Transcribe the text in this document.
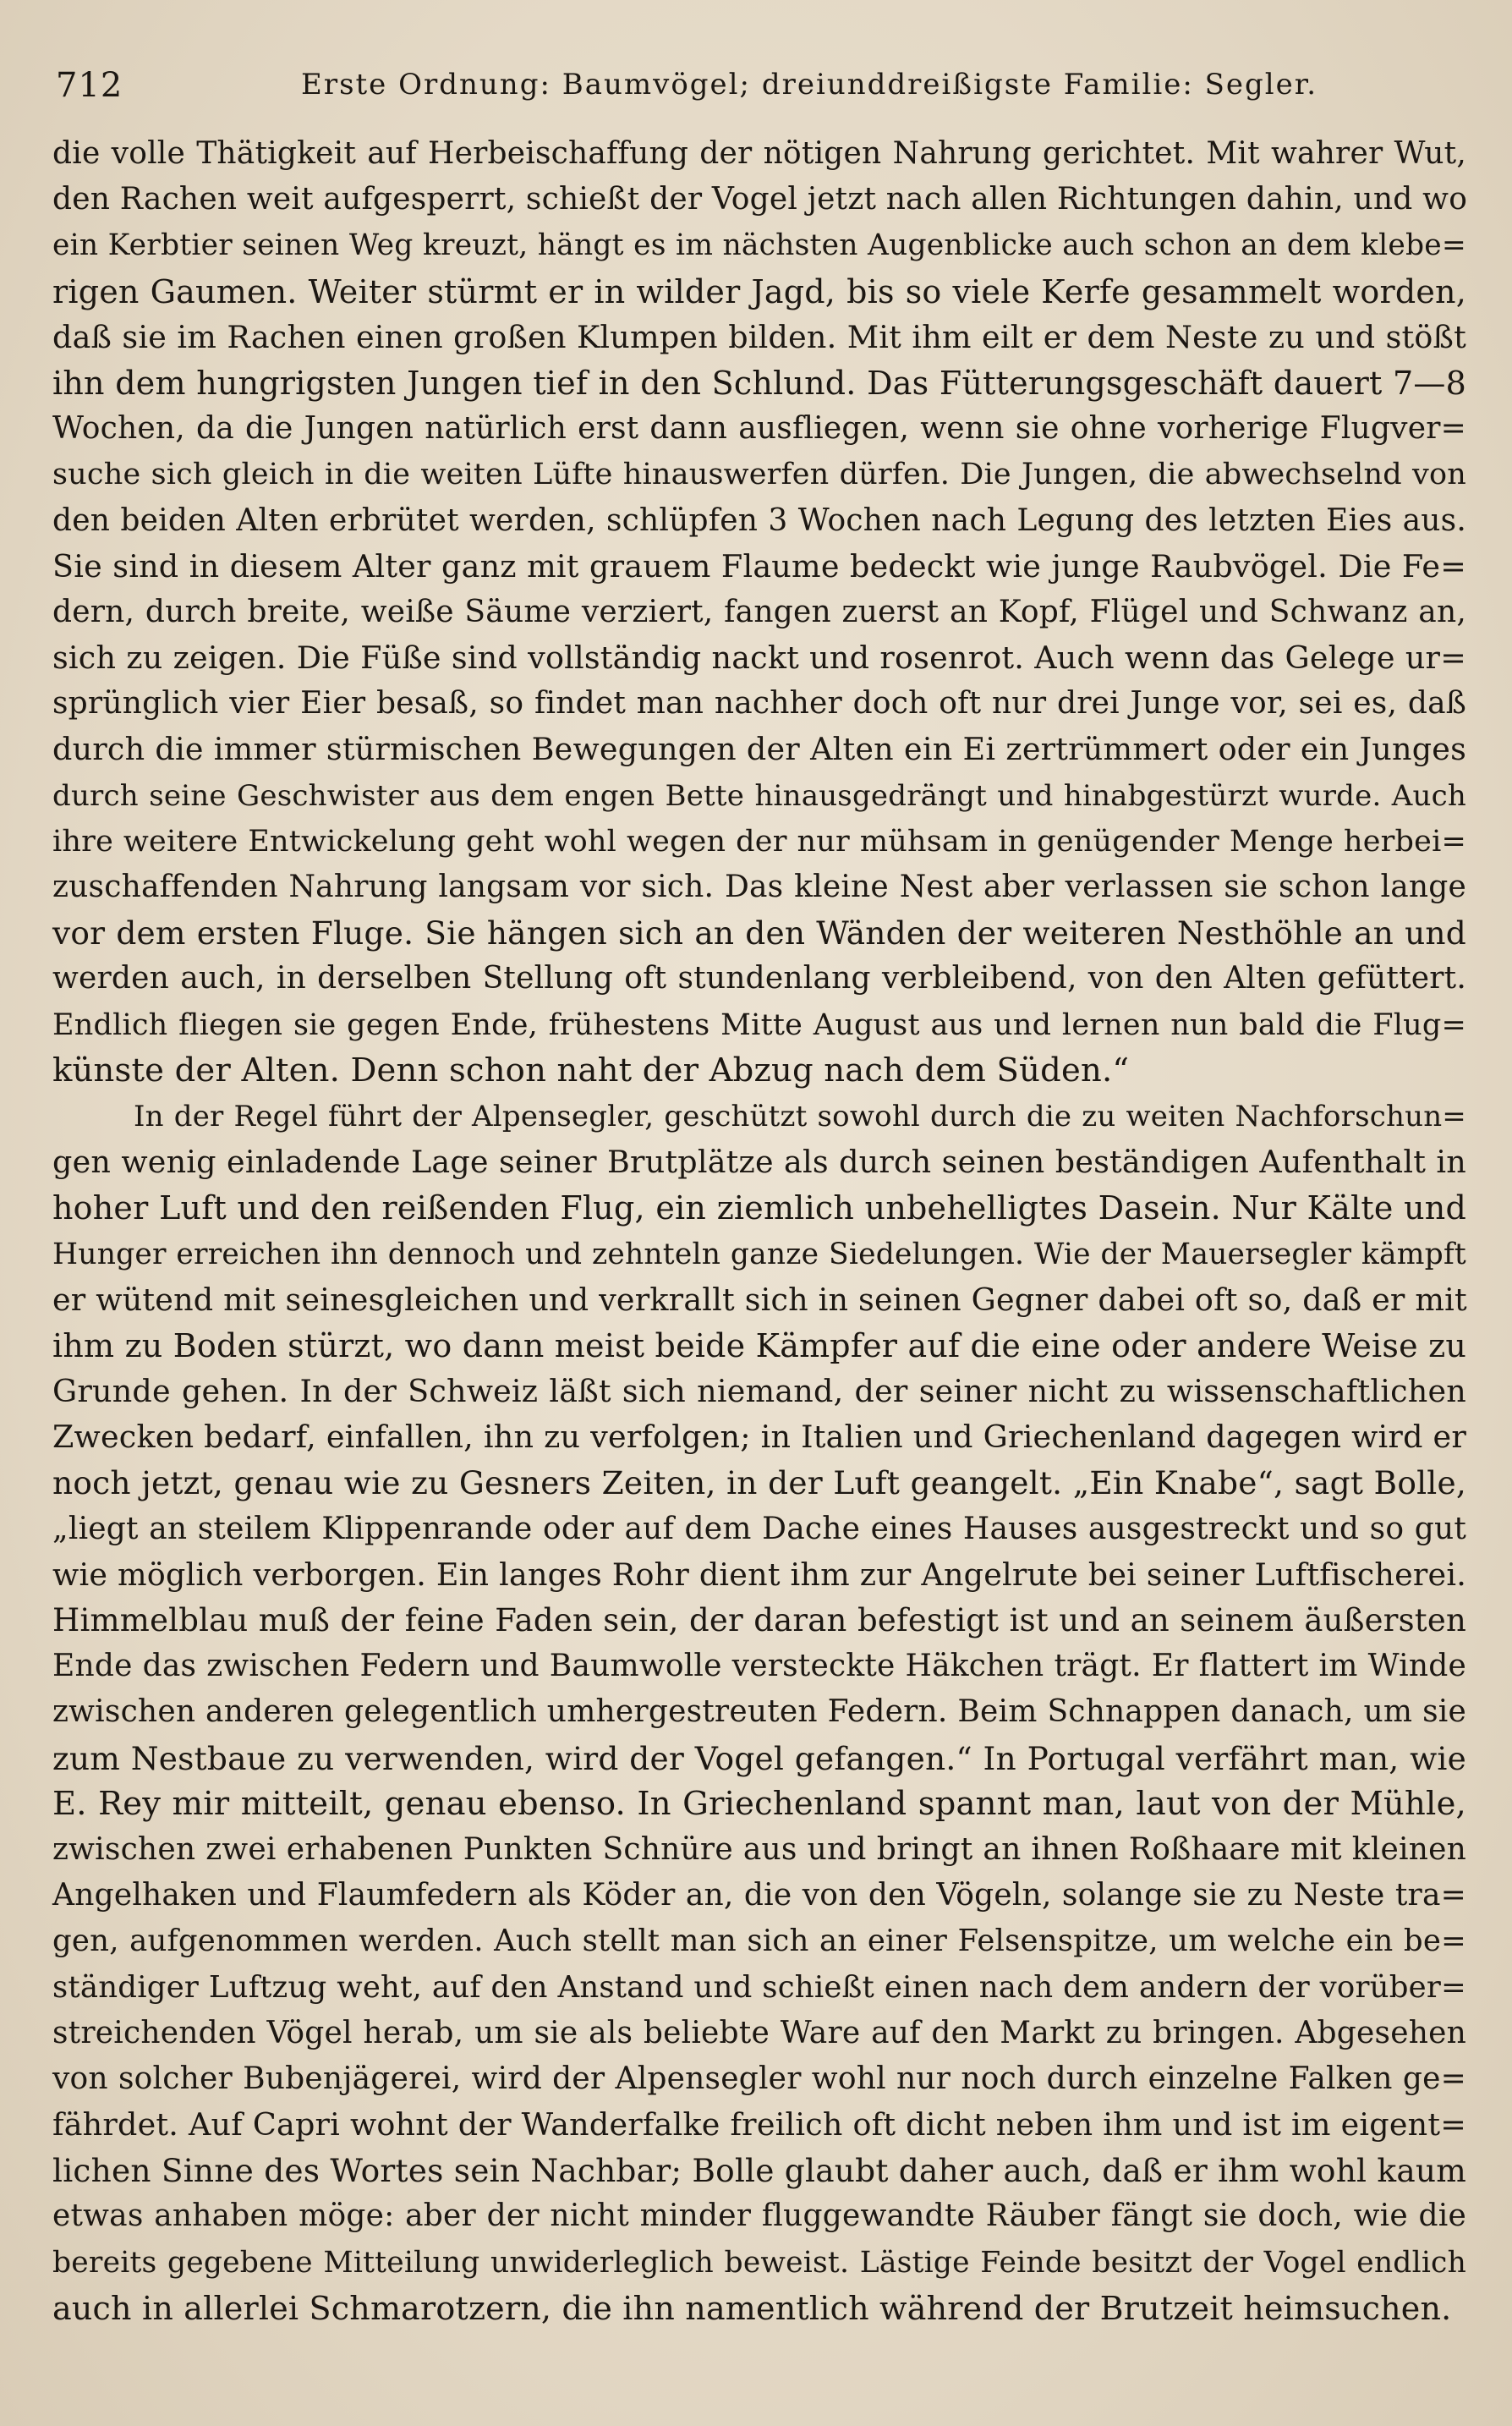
712	Erste Ordnung: Baumvögel; dreiunddreißigste Familie: Segler.
die volle Thätigkeit auf Herbeischaffung der nötigen Nahrung gerichtet. Mit wahrer Wut,
den Rachen weit aufgesperrt, schießt der Vogel jetzt nach allen Richtungen dahin, und wo
ein Kerbtier seinen Weg kreuzt, hängt es im nächsten Augenblicke auch schon an dem klebe=
rigen Gaumen. Weiter stürmt er in wilder Jagd, bis so viele Kerfe gesammelt worden,
daß sie im Rachen einen großen Klumpen bilden. Mit ihm eilt er dem Neste zu und stößt
ihn dem hungrigsten Jungen tief in den Schlund. Das Fütterungsgeschäft dauert 7—8
Wochen, da die Jungen natürlich erst dann ausfliegen, wenn sie ohne vorherige Flugver=
suche sich gleich in die weiten Lüfte hinauswerfen dürfen. Die Jungen, die abwechselnd von
den beiden Alten erbrütet werden, schlüpfen 3 Wochen nach Legung des letzten Eies aus.
Sie sind in diesem Alter ganz mit grauem Flaume bedeckt wie junge Raubvögel. Die Fe=
dern, durch breite, weiße Säume verziert, fangen zuerst an Kopf, Flügel und Schwanz an,
sich zu zeigen. Die Füße sind vollständig nackt und rosenrot. Auch wenn das Gelege ur=
sprünglich vier Eier besaß, so findet man nachher doch oft nur drei Junge vor, sei es, daß
durch die immer stürmischen Bewegungen der Alten ein Ei zertrümmert oder ein Junges
durch seine Geschwister aus dem engen Bette hinausgedrängt und hinabgestürzt wurde. Auch
ihre weitere Entwickelung geht wohl wegen der nur mühsam in genügender Menge herbei=
zuschaffenden Nahrung langsam vor sich. Das kleine Nest aber verlassen sie schon lange
vor dem ersten Fluge. Sie hängen sich an den Wänden der weiteren Nesthöhle an und
werden auch, in derselben Stellung oft stundenlang verbleibend, von den Alten gefüttert.
Endlich fliegen sie gegen Ende, frühestens Mitte August aus und lernen nun bald die Flug=
künste der Alten. Denn schon naht der Abzug nach dem Süden.“
In der Regel führt der Alpensegler, geschützt sowohl durch die zu weiten Nachforschun=
gen wenig einladende Lage seiner Brutplätze als durch seinen beständigen Aufenthalt in
hoher Luft und den reißenden Flug, ein ziemlich unbehelligtes Dasein. Nur Kälte und
Hunger erreichen ihn dennoch und zehnteln ganze Siedelungen. Wie der Mauersegler kämpft
er wütend mit seinesgleichen und verkrallt sich in seinen Gegner dabei oft so, daß er mit
ihm zu Boden stürzt, wo dann meist beide Kämpfer auf die eine oder andere Weise zu
Grunde gehen. In der Schweiz läßt sich niemand, der seiner nicht zu wissenschaftlichen
Zwecken bedarf, einfallen, ihn zu verfolgen; in Italien und Griechenland dagegen wird er
noch jetzt, genau wie zu Gesners Zeiten, in der Luft geangelt. „Ein Knabe“, sagt Bolle,
„liegt an steilem Klippenrande oder auf dem Dache eines Hauses ausgestreckt und so gut
wie möglich verborgen. Ein langes Rohr dient ihm zur Angelrute bei seiner Luftfischerei.
Himmelblau muß der feine Faden sein, der daran befestigt ist und an seinem äußersten
Ende das zwischen Federn und Baumwolle versteckte Häkchen trägt. Er flattert im Winde
zwischen anderen gelegentlich umhergestreuten Federn. Beim Schnappen danach, um sie
zum Nestbaue zu verwenden, wird der Vogel gefangen.“ In Portugal verfährt man, wie
E. Rey mir mitteilt, genau ebenso. In Griechenland spannt man, laut von der Mühle,
zwischen zwei erhabenen Punkten Schnüre aus und bringt an ihnen Roßhaare mit kleinen
Angelhaken und Flaumfedern als Köder an, die von den Vögeln, solange sie zu Neste tra=
gen, aufgenommen werden. Auch stellt man sich an einer Felsenspitze, um welche ein be=
ständiger Luftzug weht, auf den Anstand und schießt einen nach dem andern der vorüber=
streichenden Vögel herab, um sie als beliebte Ware auf den Markt zu bringen. Abgesehen
von solcher Bubenjägerei, wird der Alpensegler wohl nur noch durch einzelne Falken ge=
fährdet. Auf Capri wohnt der Wanderfalke freilich oft dicht neben ihm und ist im eigent=
lichen Sinne des Wortes sein Nachbar; Bolle glaubt daher auch, daß er ihm wohl kaum
etwas anhaben möge: aber der nicht minder fluggewandte Räuber fängt sie doch, wie die
bereits gegebene Mitteilung unwiderleglich beweist. Lästige Feinde besitzt der Vogel endlich
auch in allerlei Schmarotzern, die ihn namentlich während der Brutzeit heimsuchen.
